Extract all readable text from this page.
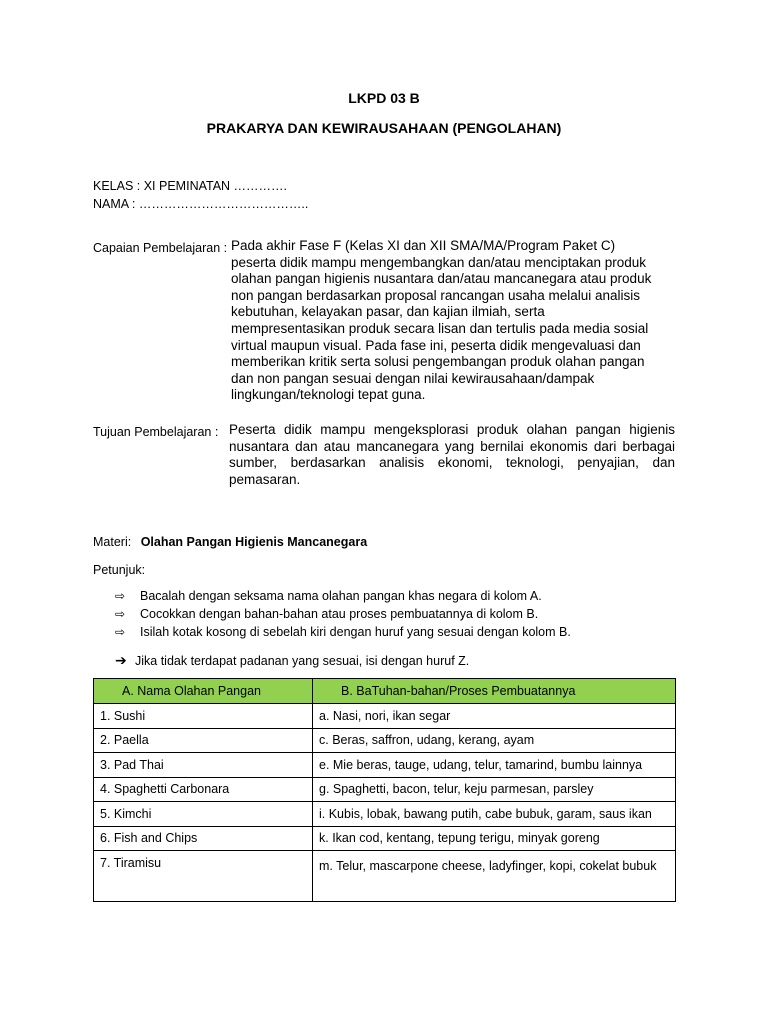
LKPD 03 B
PRAKARYA DAN KEWIRAUSAHAAN (PENGOLAHAN)
KELAS : XI PEMINATAN ………….
NAMA : …………………………………..
Capaian Pembelajaran : Pada akhir Fase F (Kelas XI dan XII SMA/MA/Program Paket C)
peserta didik mampu mengembangkan dan/atau menciptakan produk
olahan pangan higienis nusantara dan/atau mancanegara atau produk
non pangan berdasarkan proposal rancangan usaha melalui analisis
kebutuhan, kelayakan pasar, dan kajian ilmiah, serta
mempresentasikan produk secara lisan dan tertulis pada media sosial
virtual maupun visual. Pada fase ini, peserta didik mengevaluasi dan
memberikan kritik serta solusi pengembangan produk olahan pangan
dan non pangan sesuai dengan nilai kewirausahaan/dampak
lingkungan/teknologi tepat guna.
Tujuan Pembelajaran : Peserta didik mampu mengeksplorasi produk olahan pangan higienis nusantara dan atau mancanegara yang bernilai ekonomis dari berbagai sumber, berdasarkan analisis ekonomi, teknologi, penyajian, dan pemasaran.
Materi: Olahan Pangan Higienis Mancanegara
Petunjuk:
⇨	Bacalah dengan seksama nama olahan pangan khas negara di kolom A.
⇨	Cocokkan dengan bahan-bahan atau proses pembuatannya di kolom B.
⇨	Isilah kotak kosong di sebelah kiri dengan huruf yang sesuai dengan kolom B.
➔ Jika tidak terdapat padanan yang sesuai, isi dengan huruf Z.
A. Nama Olahan Pangan	B. BaTuhan-bahan/Proses Pembuatannya
1. Sushi	a. Nasi, nori, ikan segar
2. Paella	c. Beras, saffron, udang, kerang, ayam
3. Pad Thai	e. Mie beras, tauge, udang, telur, tamarind, bumbu lainnya
4. Spaghetti Carbonara	g. Spaghetti, bacon, telur, keju parmesan, parsley
5. Kimchi	i. Kubis, lobak, bawang putih, cabe bubuk, garam, saus ikan
6. Fish and Chips	k. Ikan cod, kentang, tepung terigu, minyak goreng
7. Tiramisu	m. Telur, mascarpone cheese, ladyfinger, kopi, cokelat bubuk
